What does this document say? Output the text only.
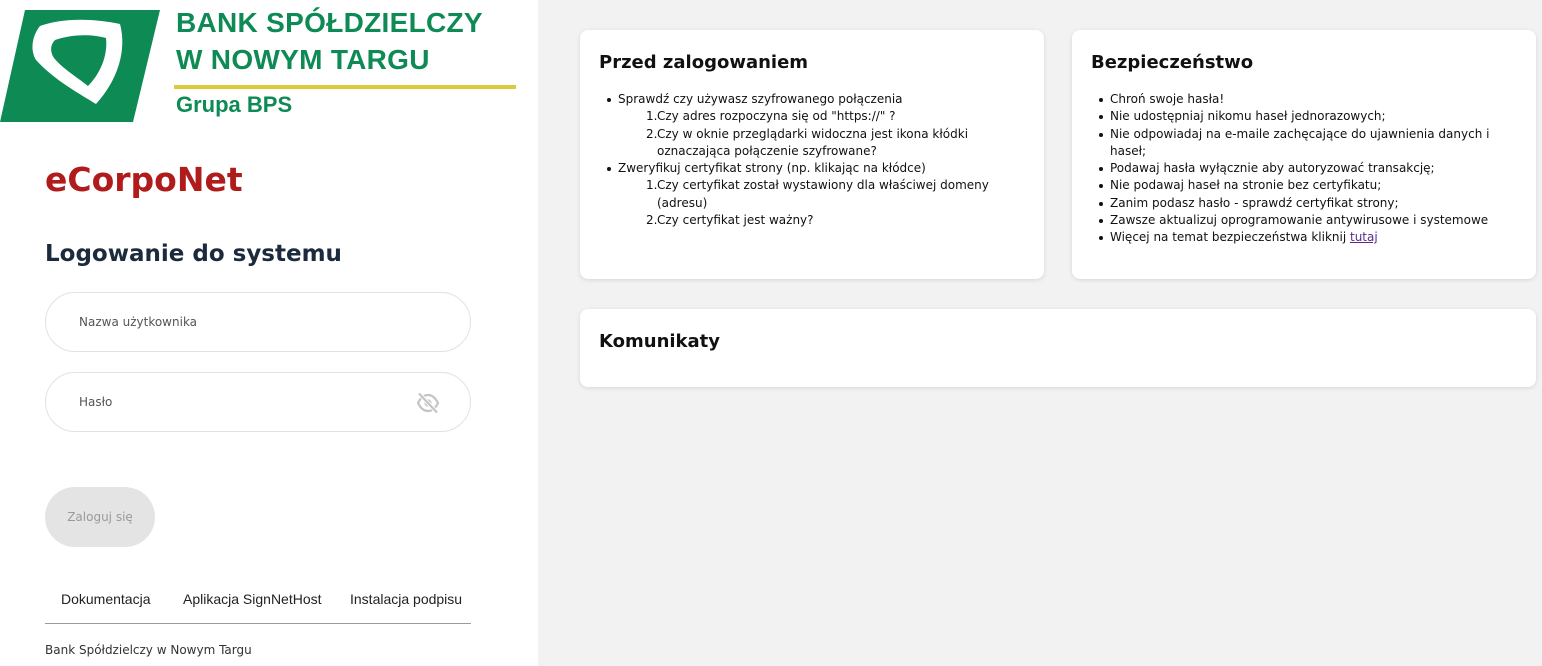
BANK SPÓŁDZIELCZY
W NOWYM TARGU
Grupa BPS
eCorpoNet
Logowanie do systemu
Nazwa użytkownika
Zaloguj się
Dokumentacja Aplikacja SignNetHost Instalacja podpisu
Bank Spółdzielczy w Nowym Targu
Przed zalogowaniem
Sprawdź czy używasz szyfrowanego połączenia
1. Czy adres rozpoczyna się od "https://" ?
2. Czy w oknie przeglądarki widoczna jest ikona kłódki oznaczająca połączenie szyfrowane?
Zweryfikuj certyfikat strony (np. klikając na kłódce)
1. Czy certyfikat został wystawiony dla właściwej domeny (adresu)
2. Czy certyfikat jest ważny?
Bezpieczeństwo
Chroń swoje hasła!
Nie udostępniaj nikomu haseł jednorazowych;
Nie odpowiadaj na e-maile zachęcające do ujawnienia danych i haseł;
Podawaj hasła wyłącznie aby autoryzować transakcję;
Nie podawaj haseł na stronie bez certyfikatu;
Zanim podasz hasło - sprawdź certyfikat strony;
Zawsze aktualizuj oprogramowanie antywirusowe i systemowe
Więcej na temat bezpieczeństwa kliknij tutaj
Komunikaty
